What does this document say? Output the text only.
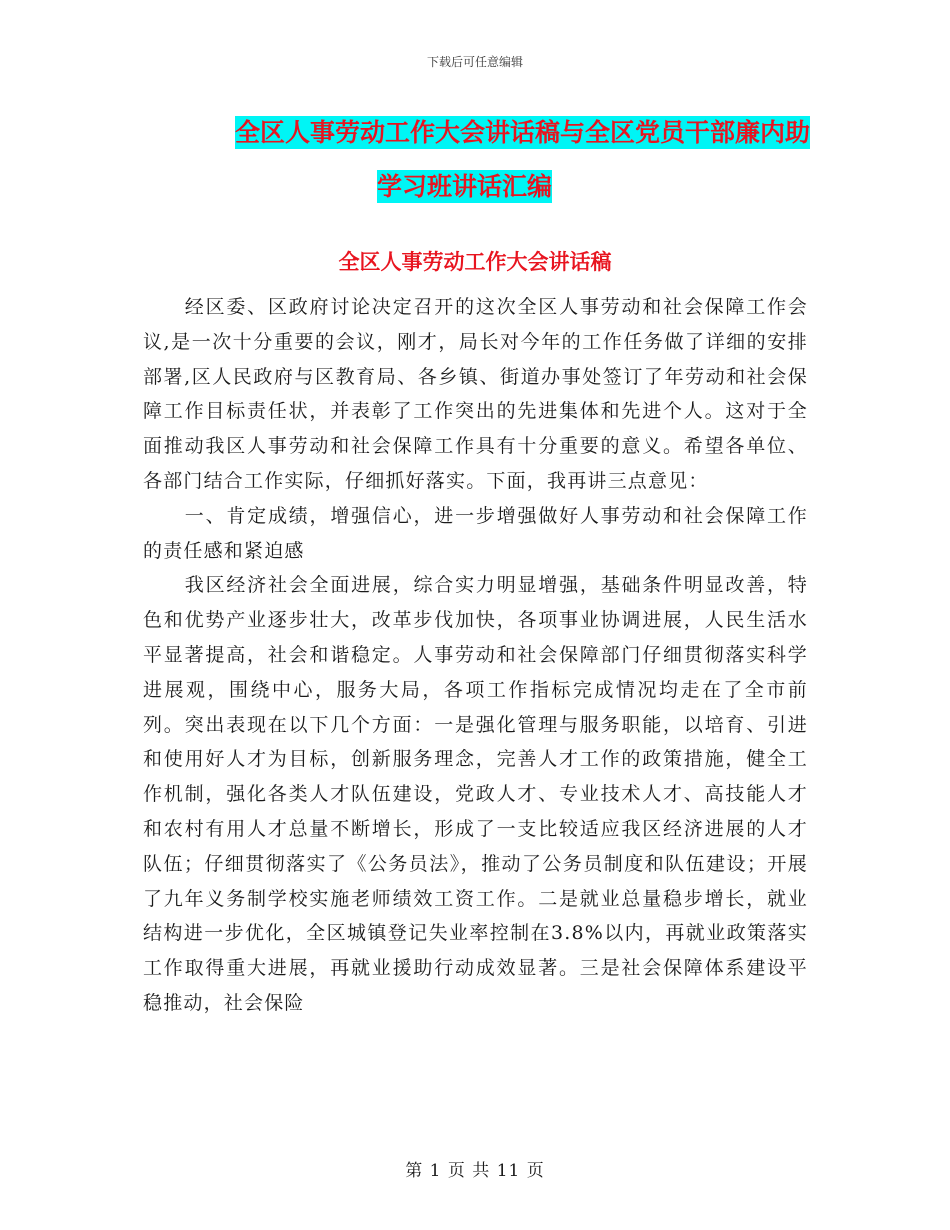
下载后可任意编辑
全区人事劳动工作大会讲话稿与全区党员干部廉内助
学习班讲话汇编
全区人事劳动工作大会讲话稿

经区委、区政府讨论决定召开的这次全区人事劳动和社会保障工作会议,是一次十分重要的会议，刚才，局长对今年的工作任务做了详细的安排部署,区人民政府与区教育局、各乡镇、街道办事处签订了年劳动和社会保障工作目标责任状，并表彰了工作突出的先进集体和先进个人。这对于全面推动我区人事劳动和社会保障工作具有十分重要的意义。希望各单位、各部门结合工作实际，仔细抓好落实。下面，我再讲三点意见：

一、肯定成绩，增强信心，进一步增强做好人事劳动和社会保障工作的责任感和紧迫感

我区经济社会全面进展，综合实力明显增强，基础条件明显改善，特色和优势产业逐步壮大，改革步伐加快，各项事业协调进展，人民生活水平显著提高，社会和谐稳定。人事劳动和社会保障部门仔细贯彻落实科学进展观，围绕中心，服务大局，各项工作指标完成情况均走在了全市前列。突出表现在以下几个方面：一是强化管理与服务职能，以培育、引进和使用好人才为目标，创新服务理念，完善人才工作的政策措施，健全工作机制，强化各类人才队伍建设，党政人才、专业技术人才、高技能人才和农村有用人才总量不断增长，形成了一支比较适应我区经济进展的人才队伍；仔细贯彻落实了《公务员法》，推动了公务员制度和队伍建设；开展了九年义务制学校实施老师绩效工资工作。二是就业总量稳步增长，就业结构进一步优化，全区城镇登记失业率控制在3.8%以内，再就业政策落实工作取得重大进展，再就业援助行动成效显著。三是社会保障体系建设平稳推动，社会保险

第 1 页 共 11 页
